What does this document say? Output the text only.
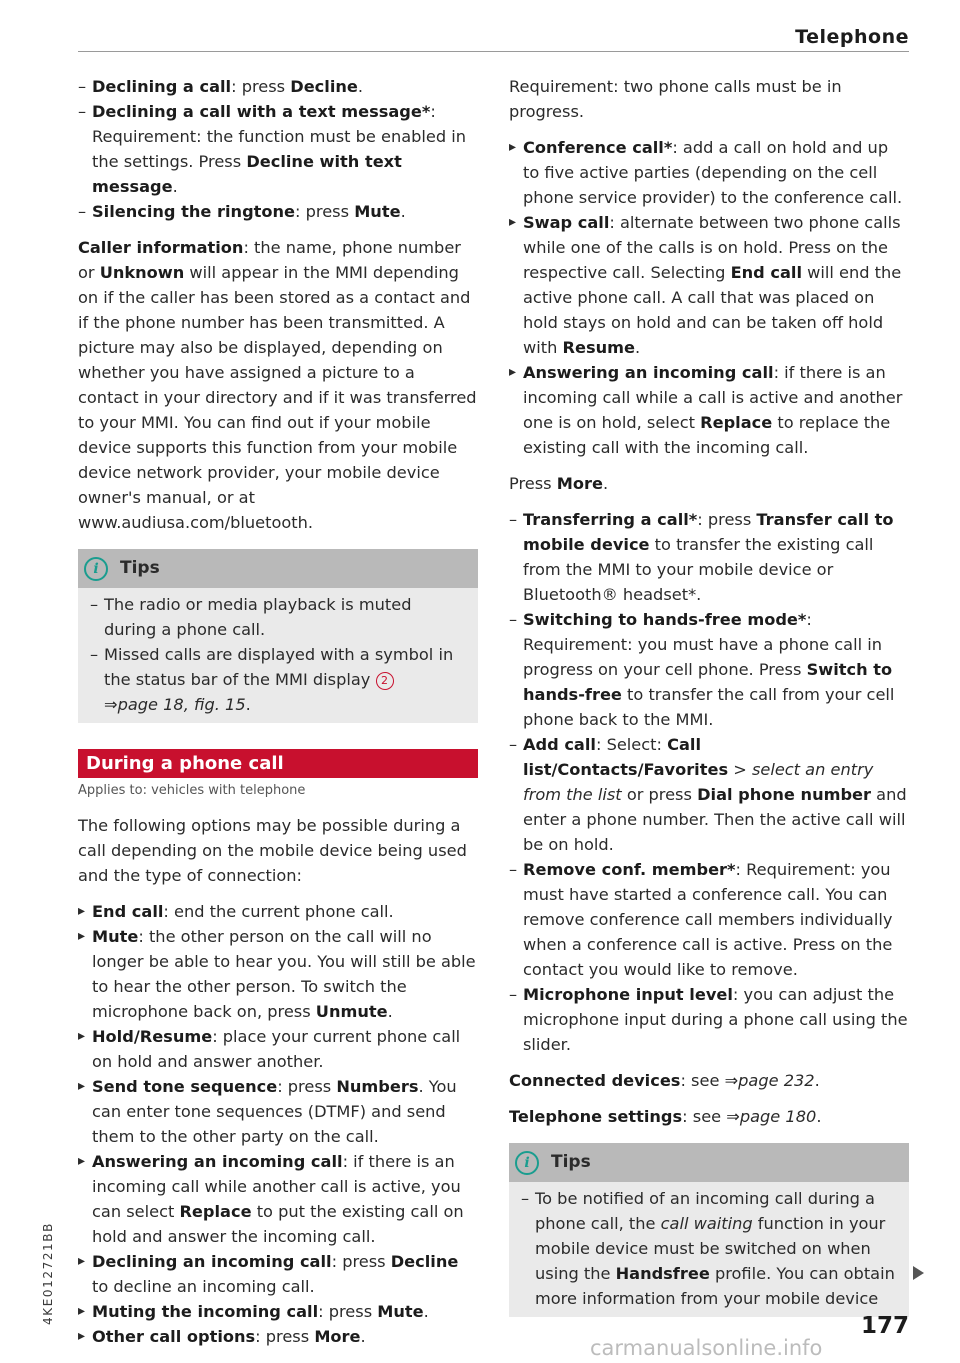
Telephone
– Declining a call: press Decline.
– Declining a call with a text message*: Requirement: the function must be enabled in the settings. Press Decline with text message.
– Silencing the ringtone: press Mute.

Caller information: the name, phone number or Unknown will appear in the MMI depending on if the caller has been stored as a contact and if the phone number has been transmitted. A picture may also be displayed, depending on whether you have assigned a picture to a contact in your directory and if it was transferred to your MMI. You can find out if your mobile device supports this function from your mobile device network provider, your mobile device owner's manual, or at www.audiusa.com/bluetooth.

i	Tips
– The radio or media playback is muted during a phone call.
– Missed calls are displayed with a symbol in the status bar of the MMI display 2
⇒page 18, fig. 15.
During a phone call
Applies to: vehicles with telephone

The following options may be possible during a call depending on the mobile device being used and the type of connection:

▸ End call: end the current phone call.
▸ Mute: the other person on the call will no longer be able to hear you. You will still be able to hear the other person. To switch the microphone back on, press Unmute.
▸ Hold/Resume: place your current phone call on hold and answer another.
▸ Send tone sequence: press Numbers. You can enter tone sequences (DTMF) and send them to the other party on the call.
▸ Answering an incoming call: if there is an incoming call while another call is active, you can select Replace to put the existing call on hold and answer the incoming call.
▸ Declining an incoming call: press Decline to decline an incoming call.
▸ Muting the incoming call: press Mute.
▸ Other call options: press More.

Requirement: two phone calls must be in progress.

▸ Conference call*: add a call on hold and up to five active parties (depending on the cell phone service provider) to the conference call.
▸ Swap call: alternate between two phone calls while one of the calls is on hold. Press on the respective call. Selecting End call will end the active phone call. A call that was placed on hold stays on hold and can be taken off hold with Resume.
▸ Answering an incoming call: if there is an incoming call while a call is active and another one is on hold, select Replace to replace the existing call with the incoming call.

Press More.

– Transferring a call*: press Transfer call to mobile device to transfer the existing call from the MMI to your mobile device or Bluetooth® headset*.
– Switching to hands-free mode*: Requirement: you must have a phone call in progress on your cell phone. Press Switch to hands-free to transfer the call from your cell phone back to the MMI.
– Add call: Select: Call list/Contacts/Favorites > select an entry from the list or press Dial phone number and enter a phone number. Then the active call will be on hold.
– Remove conf. member*: Requirement: you must have started a conference call. You can remove conference call members individually when a conference call is active. Press on the contact you would like to remove.
– Microphone input level: you can adjust the microphone input during a phone call using the slider.

Connected devices: see ⇒page 232.

Telephone settings: see ⇒page 180.

i	Tips
– To be notified of an incoming call during a phone call, the call waiting function in your mobile device must be switched on when using the Handsfree profile. You can obtain more information from your mobile device
177
4KE012721BB
carmanualsonline.info
